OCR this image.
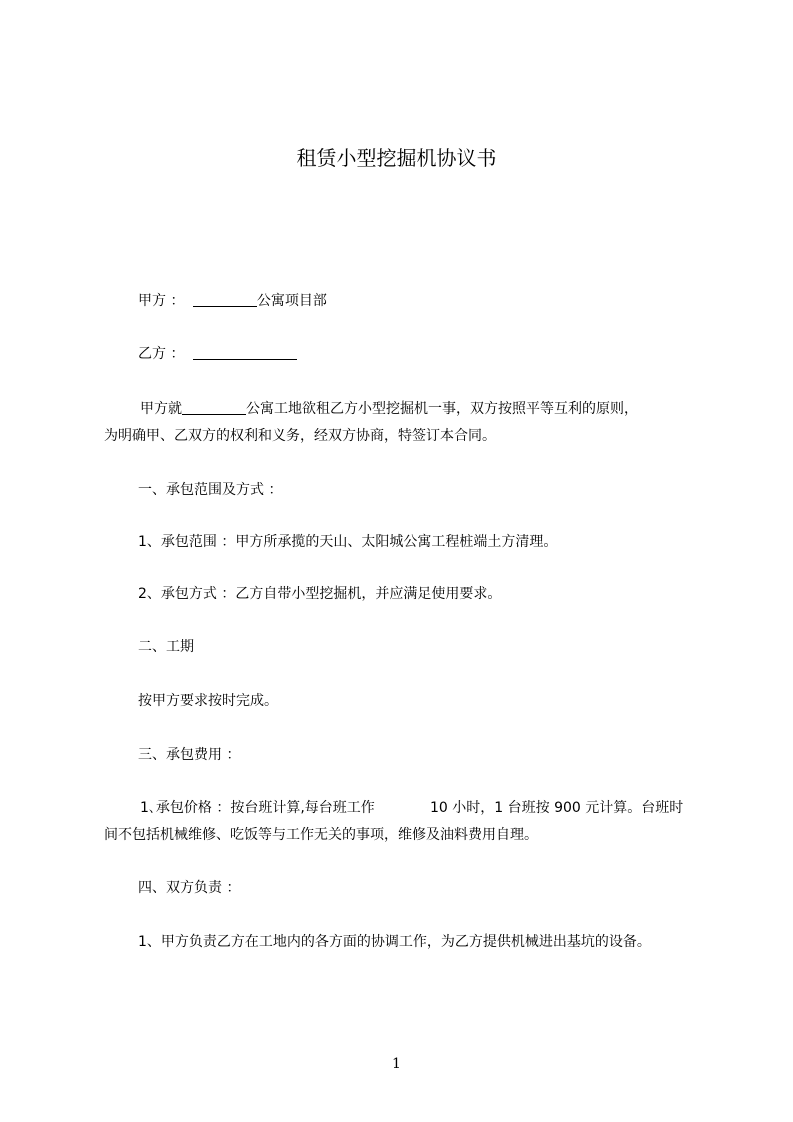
租赁小型挖掘机协议书
甲方 ：	公寓项目部
乙方 ：
甲方就	公寓工地欲租乙方小型挖掘机一事，双方按照平等互利的原则，
为明确甲、乙双方的权利和义务，经双方协商，特签订本合同。
一、承包范围及方式 ：
1、承包范围 ：甲方所承揽的天山、太阳城公寓工程桩端土方清理。
2、承包方式 ：乙方自带小型挖掘机，并应满足使用要求。
二、工期
按甲方要求按时完成。
三、承包费用 ：
1､承包价格 ：按台班计算,每台班工作	10 小时，1 台班按 900 元计算。台班时
间不包括机械维修、吃饭等与工作无关的事项，维修及油料费用自理。
四、双方负责 ：
1、甲方负责乙方在工地内的各方面的协调工作，为乙方提供机械进出基坑的设备。
1
